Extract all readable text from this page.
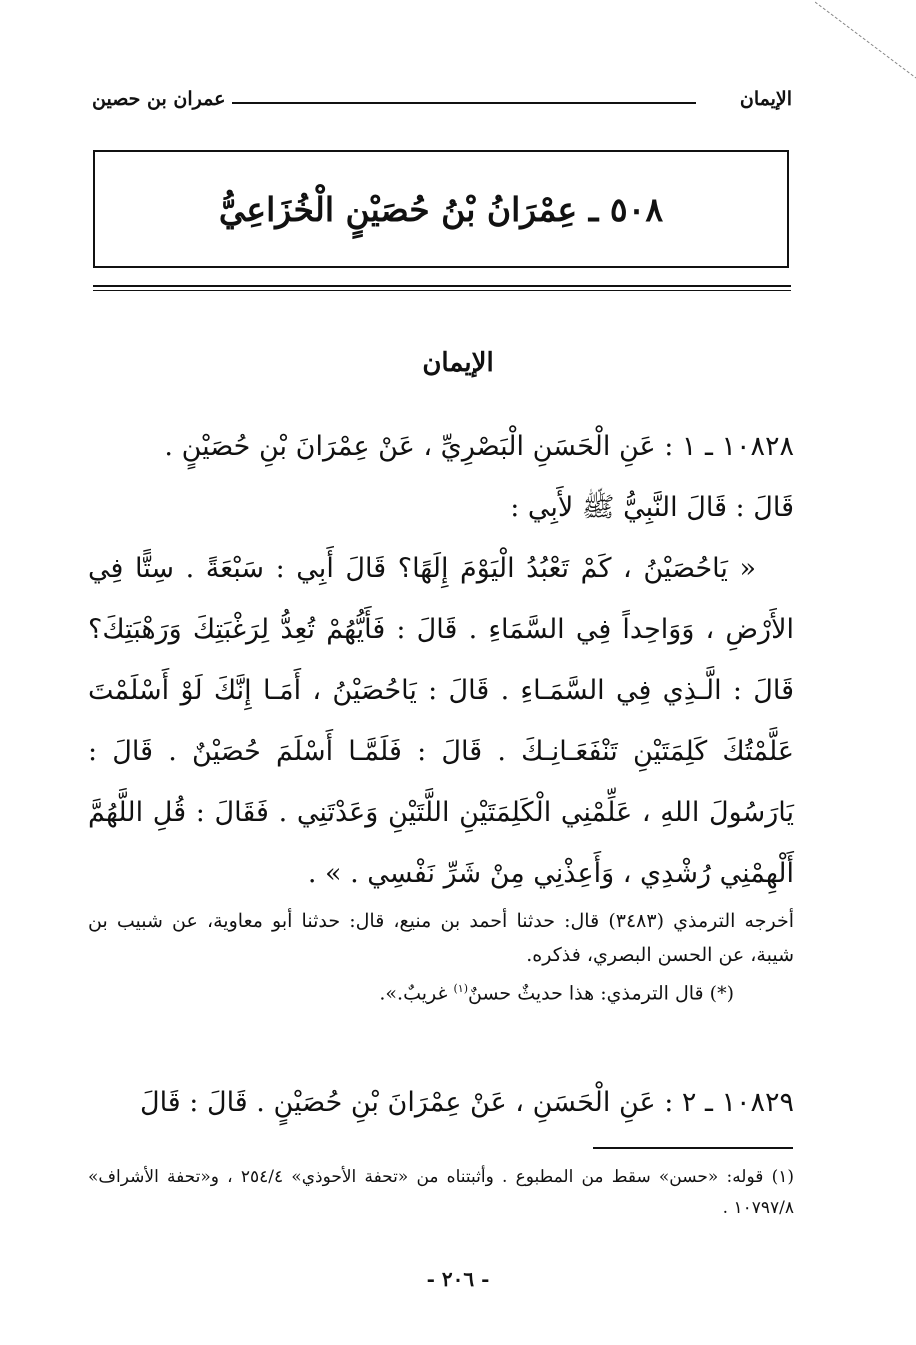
الإيمان
عمران بن حصين
٥٠٨ ـ عِمْرَانُ بْنُ حُصَيْنٍ الْخُزَاعِيُّ
الإيمان

١٠٨٢٨ ـ ١ : عَنِ الْحَسَنِ الْبَصْرِيِّ ، عَنْ عِمْرَانَ بْنِ حُصَيْنٍ .

قَالَ : قَالَ النَّبِيُّ ﷺ لأَبِي :

« يَاحُصَيْنُ ، كَمْ تَعْبُدُ الْيَوْمَ إِلَهًا؟ قَالَ أَبِي : سَبْعَةً . سِتًّا فِي الأَرْضِ ، وَوَاحِداً فِي السَّمَاءِ . قَالَ : فَأَيُّهُمْ تُعِدُّ لِرَغْبَتِكَ وَرَهْبَتِكَ؟ قَالَ : الَّـذِي فِي السَّمَـاءِ . قَالَ : يَاحُصَيْنُ ، أَمَـا إِنَّكَ لَوْ أَسْلَمْتَ عَلَّمْتُكَ كَلِمَتَيْنِ تَنْفَعَـانِـكَ . قَالَ : فَلَمَّـا أَسْلَمَ حُصَيْنٌ . قَالَ : يَارَسُولَ اللهِ ، عَلِّمْنِي الْكَلِمَتَيْنِ اللَّتَيْنِ وَعَدْتَنِي . فَقَالَ : قُلِ اللَّهُمَّ أَلْهِمْنِي رُشْدِي ، وَأَعِذْنِي مِنْ شَرِّ نَفْسِي . » .

أخرجه الترمذي (٣٤٨٣) قال: حدثنا أحمد بن منيع، قال: حدثنا أبو معاوية، عن شبيب بن شيبة، عن الحسن البصري، فذكره.

(*) قال الترمذي: هذا حديثٌ حسنٌ$^{(١)}$ غريبٌ.».

١٠٨٢٩ ـ ٢ : عَنِ الْحَسَنِ ، عَنْ عِمْرَانَ بْنِ حُصَيْنٍ . قَالَ : قَالَ

(١) قوله: «حسن» سقط من المطبوع . وأثبتناه من «تحفة الأحوذي» ٢٥٤/٤ ، و«تحفة الأشراف» ١٠٧٩٧/٨ .

- ٢٠٦ -
